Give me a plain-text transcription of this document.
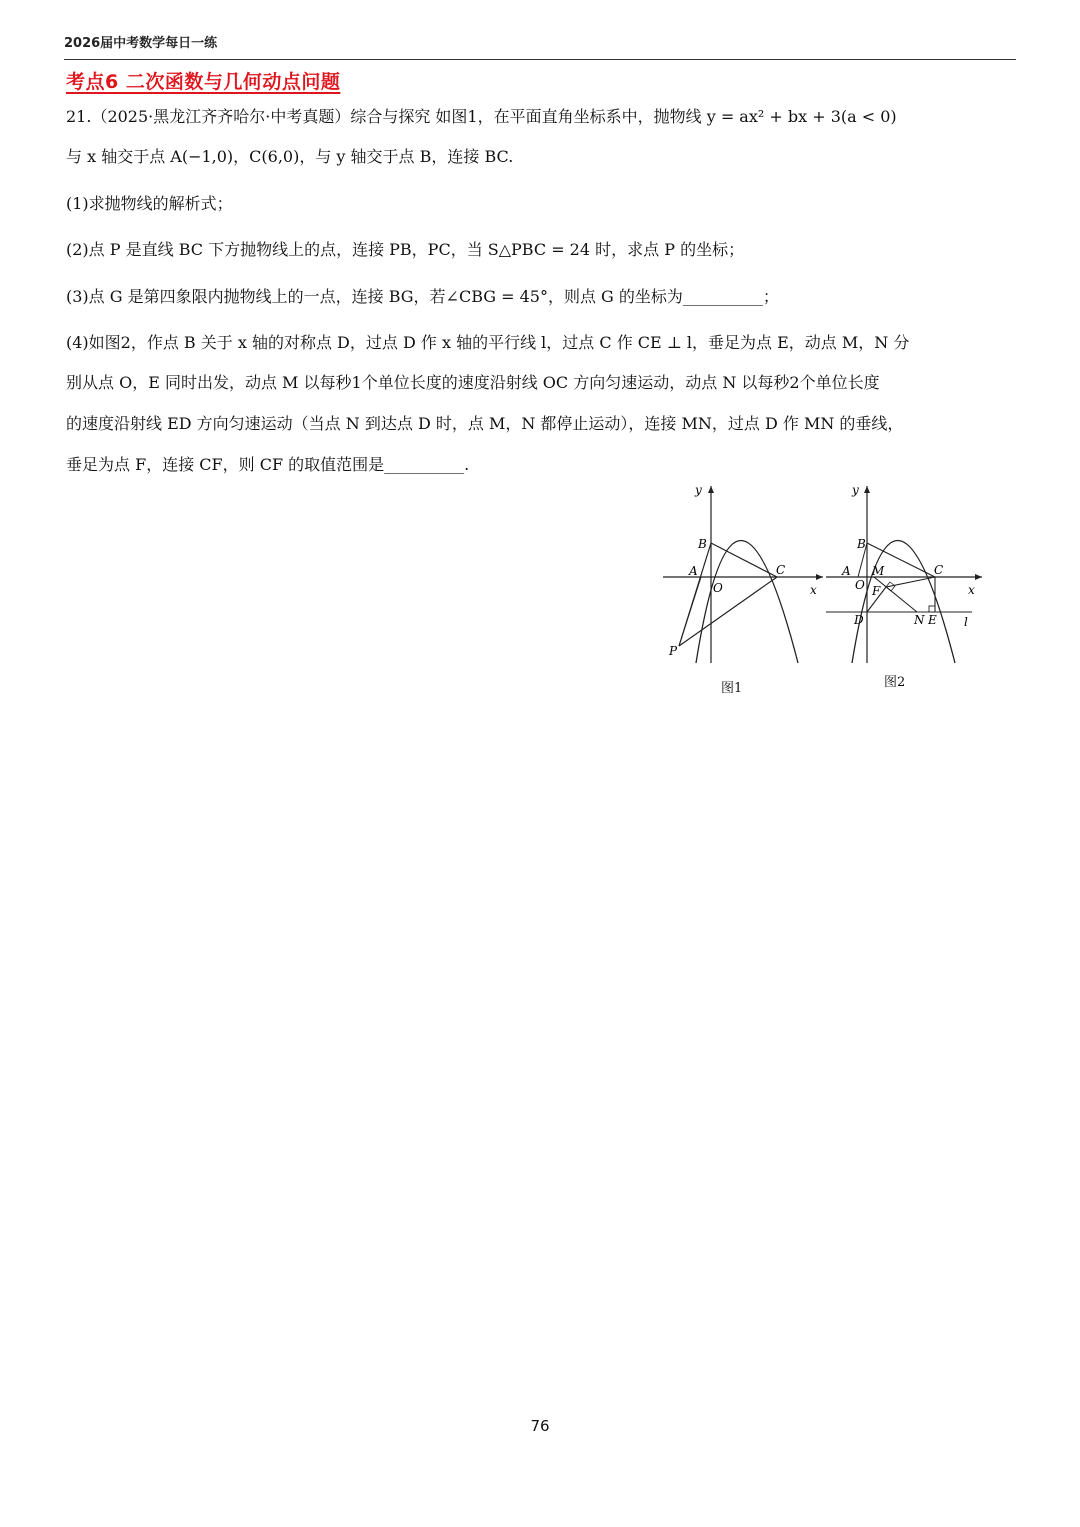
2026届中考数学每日一练
考点6 二次函数与几何动点问题
21.（2025·黑龙江齐齐哈尔·中考真题）综合与探究 如图1，在平面直角坐标系中，抛物线 y = ax² + bx + 3(a < 0)
与 x 轴交于点 A(−1,0)，C(6,0)，与 y 轴交于点 B，连接 BC.
(1)求抛物线的解析式；
(2)点 P 是直线 BC 下方抛物线上的点，连接 PB，PC，当 S△PBC = 24 时，求点 P 的坐标；
(3)点 G 是第四象限内抛物线上的一点，连接 BG，若∠CBG = 45°，则点 G 的坐标为__________；
(4)如图2，作点 B 关于 x 轴的对称点 D，过点 D 作 x 轴的平行线 l，过点 C 作 CE ⊥ l，垂足为点 E，动点 M，N 分
别从点 O，E 同时出发，动点 M 以每秒1个单位长度的速度沿射线 OC 方向匀速运动，动点 N 以每秒2个单位长度
的速度沿射线 ED 方向匀速运动（当点 N 到达点 D 时，点 M，N 都停止运动），连接 MN，过点 D 作 MN 的垂线，
垂足为点 F，连接 CF，则 CF 的取值范围是__________.
y
x
A
B
C
O
P
图1
y
x
A
B
C
O
M
F
D	N E l
图2
76
